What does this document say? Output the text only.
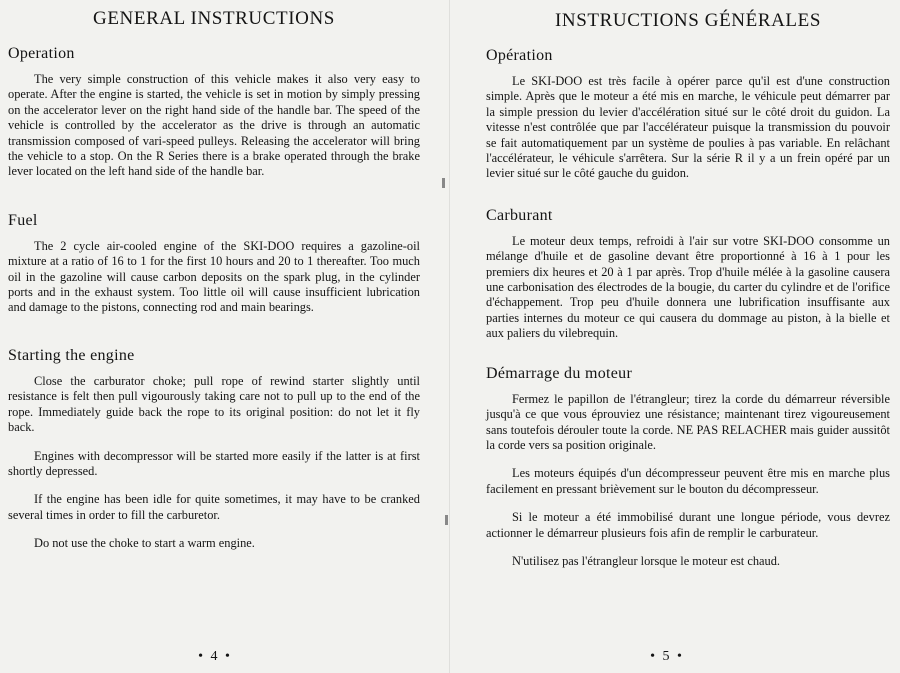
GENERAL INSTRUCTIONS
Operation

The very simple construction of this vehicle makes it also very easy to operate. After the engine is started, the vehicle is set in motion by simply pressing on the accelerator lever on the right hand side of the handle bar. The speed of the vehicle is controlled by the accelerator as the drive is through an automatic transmission composed of vari-speed pulleys. Releasing the accelerator will bring the vehicle to a stop. On the R Series there is a brake operated through the brake lever located on the left hand side of the handle bar.

Fuel

The 2 cycle air-cooled engine of the SKI-DOO requires a gazoline-oil mixture at a ratio of 16 to 1 for the first 10 hours and 20 to 1 thereafter. Too much oil in the gazoline will cause carbon deposits on the spark plug, in the cylinder ports and in the exhaust system. Too little oil will cause insufficient lubrication and damage to the pistons, connecting rod and main bearings.

Starting the engine

Close the carburator choke; pull rope of rewind starter slightly until resistance is felt then pull vigourously taking care not to pull up to the end of the rope. Immediately guide back the rope to its original position: do not let it fly back.

Engines with decompressor will be started more easily if the latter is at first shortly depressed.

If the engine has been idle for quite sometimes, it may have to be cranked several times in order to fill the carburetor.

Do not use the choke to start a warm engine.

• 4 •
INSTRUCTIONS GÉNÉRALES
Opération

Le SKI-DOO est très facile à opérer parce qu'il est d'une construction simple. Après que le moteur a été mis en marche, le véhicule peut démarrer par la simple pression du levier d'accélération situé sur le côté droit du guidon. La vitesse n'est contrôlée que par l'accélérateur puisque la transmission du pouvoir se fait automatiquement par un système de poulies à pas variable. En relâchant l'accélérateur, le véhicule s'arrêtera. Sur la série R il y a un frein opéré par un levier situé sur le côté gauche du guidon.

Carburant

Le moteur deux temps, refroidi à l'air sur votre SKI-DOO consomme un mélange d'huile et de gasoline devant être proportionné à 16 à 1 pour les premiers dix heures et 20 à 1 par après. Trop d'huile mélée à la gasoline causera une carbonisation des électrodes de la bougie, du carter du cylindre et de l'orifice d'échappement. Trop peu d'huile donnera une lubrification insuffisante aux parties internes du moteur ce qui causera du dommage au piston, à la bielle et aux paliers du vilebrequin.

Démarrage du moteur

Fermez le papillon de l'étrangleur; tirez la corde du démarreur réversible jusqu'à ce que vous éprouviez une résistance; maintenant tirez vigoureusement sans toutefois dérouler toute la corde. NE PAS RELACHER mais guider aussitôt la corde vers sa position originale.

Les moteurs équipés d'un décompresseur peuvent être mis en marche plus facilement en pressant brièvement sur le bouton du décompresseur.

Si le moteur a été immobilisé durant une longue période, vous devrez actionner le démarreur plusieurs fois afin de remplir le carburateur.

N'utilisez pas l'étrangleur lorsque le moteur est chaud.

• 5 •
